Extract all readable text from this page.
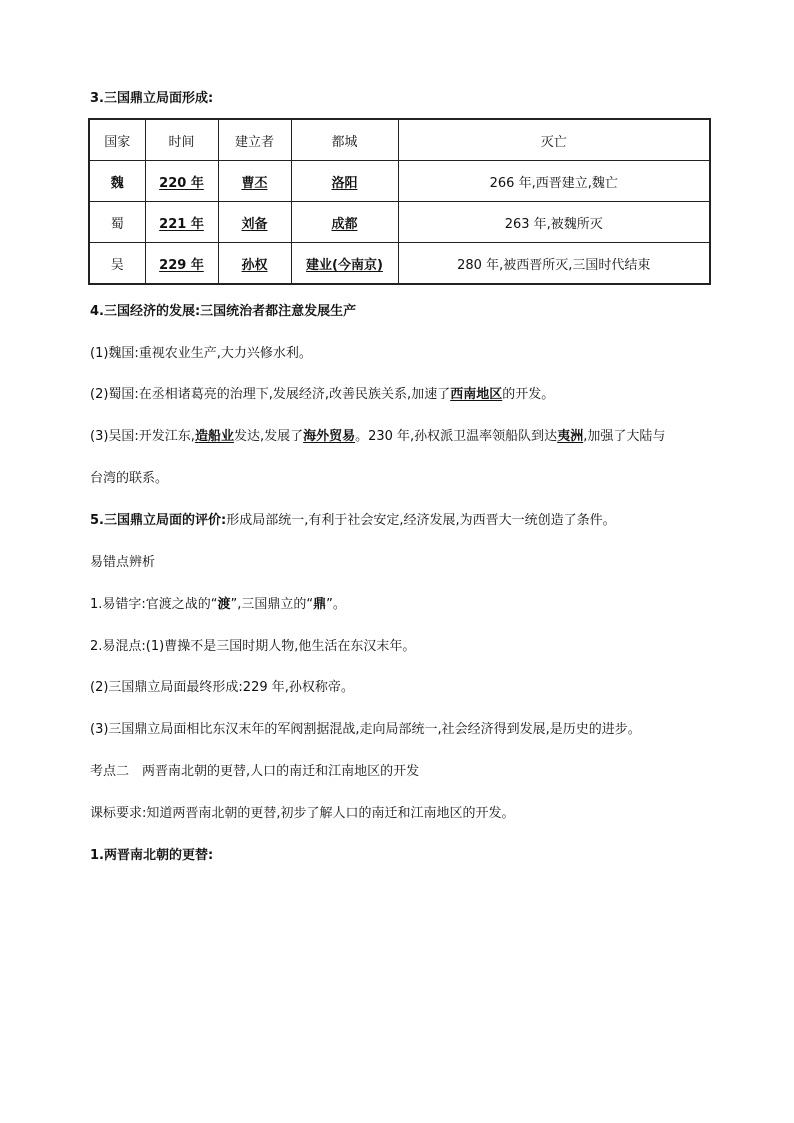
3.三国鼎立局面形成:
国家	时间	建立者	都城	灭亡
魏	220 年	曹丕	洛阳	266 年,西晋建立,魏亡
蜀	221 年	刘备	成都	263 年,被魏所灭
吴	229 年	孙权	建业(今南京)	280 年,被西晋所灭,三国时代结束
4.三国经济的发展:三国统治者都注意发展生产
(1)魏国:重视农业生产,大力兴修水利。
(2)蜀国:在丞相诸葛亮的治理下,发展经济,改善民族关系,加速了西南地区的开发。
(3)吴国:开发江东,造船业发达,发展了海外贸易。230 年,孙权派卫温率领船队到达夷洲,加强了大陆与
台湾的联系。
5.三国鼎立局面的评价:形成局部统一,有利于社会安定,经济发展,为西晋大一统创造了条件。
易错点辨析
1.易错字:官渡之战的“渡”,三国鼎立的“鼎”。
2.易混点:(1)曹操不是三国时期人物,他生活在东汉末年。
(2)三国鼎立局面最终形成:229 年,孙权称帝。
(3)三国鼎立局面相比东汉末年的军阀割据混战,走向局部统一,社会经济得到发展,是历史的进步。
考点二　两晋南北朝的更替,人口的南迁和江南地区的开发
课标要求:知道两晋南北朝的更替,初步了解人口的南迁和江南地区的开发。
1.两晋南北朝的更替:
